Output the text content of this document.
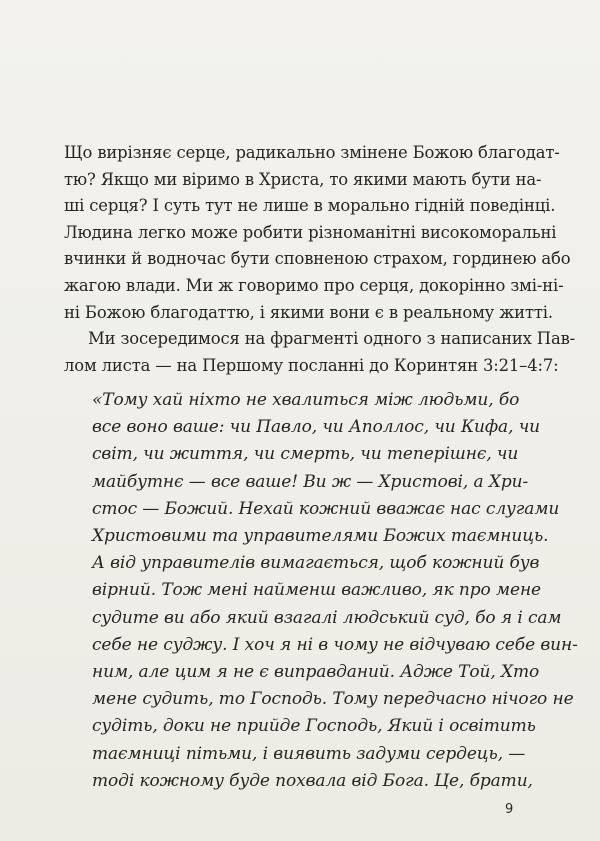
Що вирізняє серце, радикально змінене Божою благодат-
тю? Якщо ми віримо в Христа, то якими мають бути на-
ші серця? І суть тут не лише в морально гідній поведінці.
Людина легко може робити різноманітні високоморальні
вчинки й водночас бути сповненою страхом, гординею або
жагою влади. Ми ж говоримо про серця, докорінно змі-ні-
ні Божою благодаттю, і якими вони є в реальному житті.
Ми зосередимося на фрагменті одного з написаних Пав-
лом листа — на Першому посланні до Коринтян 3:21–4:7:
«Тому хай ніхто не хвалиться між людьми, бо
все воно ваше: чи Павло, чи Аполлос, чи Кифа, чи
світ, чи життя, чи смерть, чи теперішнє, чи
майбутнє — все ваше! Ви ж — Христові, а Хри-
стос — Божий. Нехай кожний вважає нас слугами
Христовими та управителями Божих таємниць.
А від управителів вимагається, щоб кожний був
вірний. Тож мені найменш важливо, як про мене
судите ви або який взагалі людський суд, бо я і сам
себе не суджу. І хоч я ні в чому не відчуваю себе вин-
ним, але цим я не є виправданий. Адже Той, Хто
мене судить, то Господь. Тому передчасно нічого не
судіть, доки не прийде Господь, Який і освітить
таємниці пітьми, і виявить задуми сердець, —
тоді кожному буде похвала від Бога. Це, брати,
9
